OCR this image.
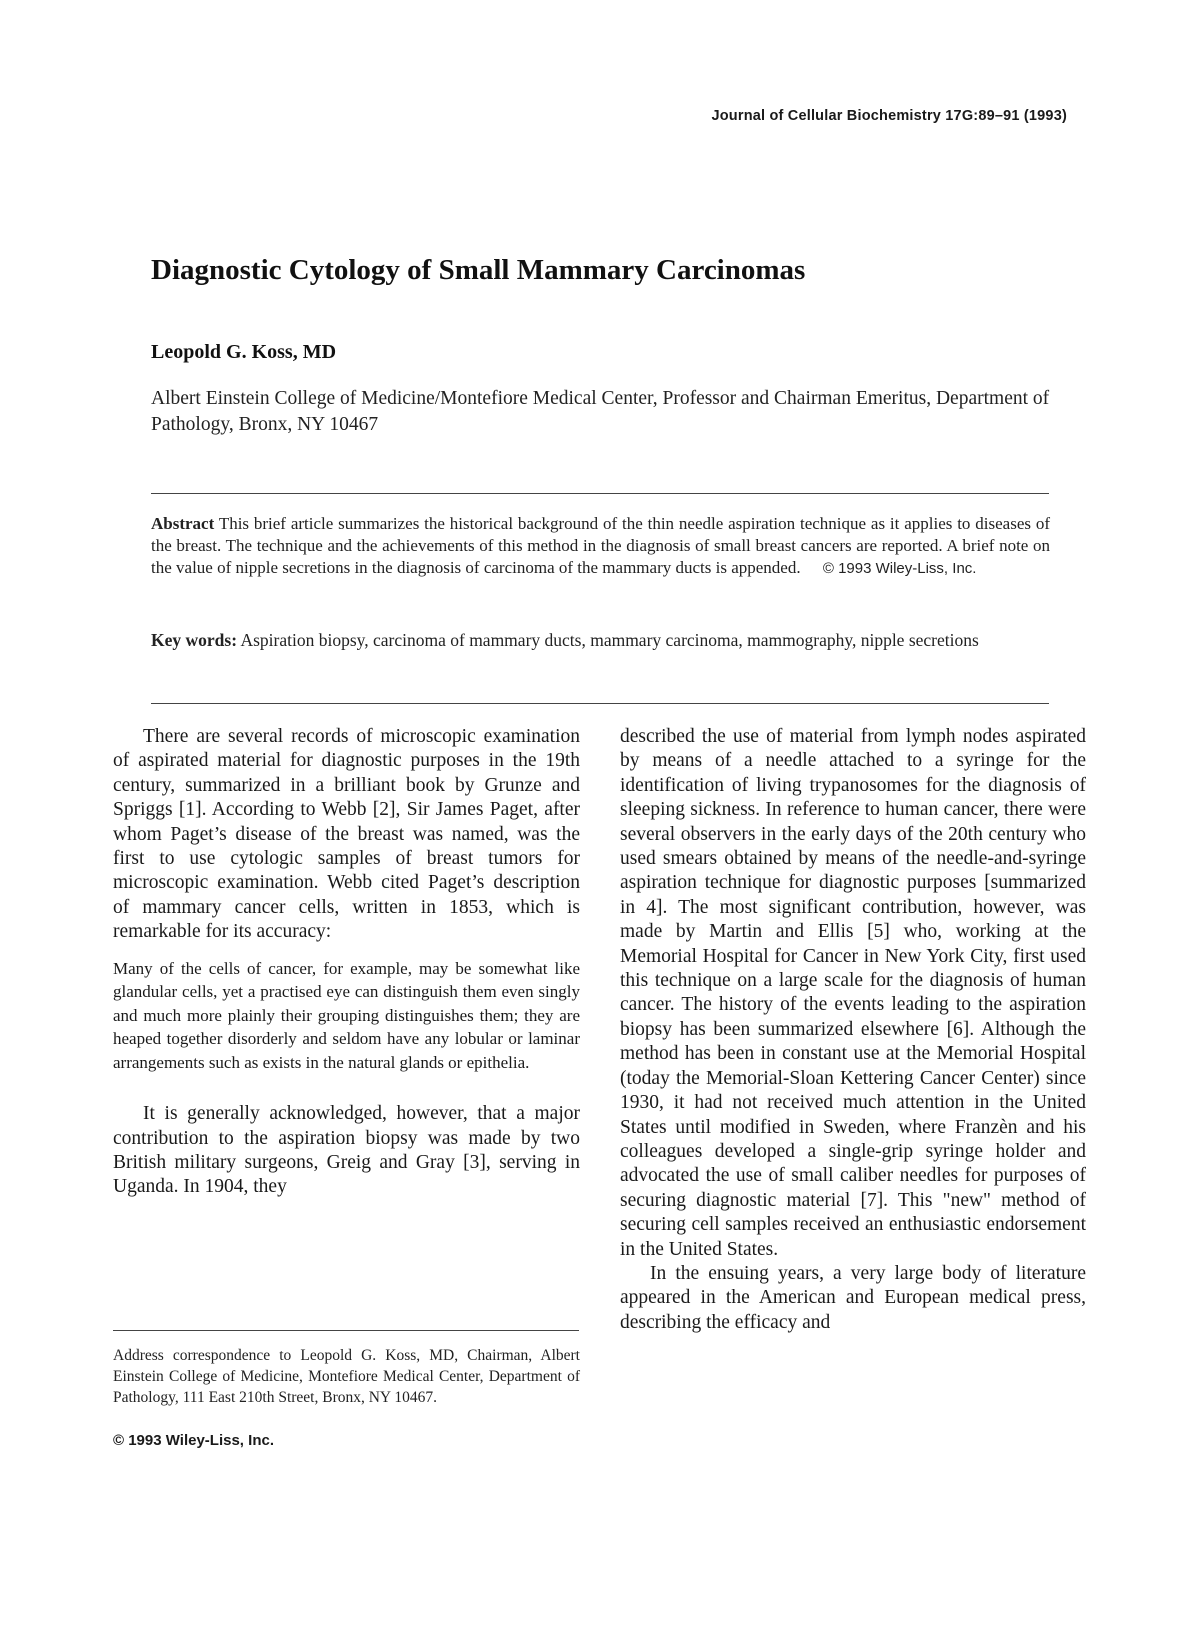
Journal of Cellular Biochemistry 17G:89–91 (1993)
Diagnostic Cytology of Small Mammary Carcinomas
Leopold G. Koss, MD
Albert Einstein College of Medicine/Montefiore Medical Center, Professor and Chairman Emeritus, Department of Pathology, Bronx, NY 10467
Abstract This brief article summarizes the historical background of the thin needle aspiration technique as it applies to diseases of the breast. The technique and the achievements of this method in the diagnosis of small breast cancers are reported. A brief note on the value of nipple secretions in the diagnosis of carcinoma of the mammary ducts is appended. © 1993 Wiley-Liss, Inc.
Key words: Aspiration biopsy, carcinoma of mammary ducts, mammary carcinoma, mammography, nipple secretions

There are several records of microscopic examination of aspirated material for diagnostic purposes in the 19th century, summarized in a brilliant book by Grunze and Spriggs [1]. According to Webb [2], Sir James Paget, after whom Paget’s disease of the breast was named, was the first to use cytologic samples of breast tumors for microscopic examination. Webb cited Paget’s description of mammary cancer cells, written in 1853, which is remarkable for its accuracy:

Many of the cells of cancer, for example, may be somewhat like glandular cells, yet a practised eye can distinguish them even singly and much more plainly their grouping distinguishes them; they are heaped together disorderly and seldom have any lobular or laminar arrangements such as exists in the natural glands or epithelia.

It is generally acknowledged, however, that a major contribution to the aspiration biopsy was made by two British military surgeons, Greig and Gray [3], serving in Uganda. In 1904, they

described the use of material from lymph nodes aspirated by means of a needle attached to a syringe for the identification of living trypanosomes for the diagnosis of sleeping sickness. In reference to human cancer, there were several observers in the early days of the 20th century who used smears obtained by means of the needle-and-syringe aspiration technique for diagnostic purposes [summarized in 4]. The most significant contribution, however, was made by Martin and Ellis [5] who, working at the Memorial Hospital for Cancer in New York City, first used this technique on a large scale for the diagnosis of human cancer. The history of the events leading to the aspiration biopsy has been summarized elsewhere [6]. Although the method has been in constant use at the Memorial Hospital (today the Memorial-Sloan Kettering Cancer Center) since 1930, it had not received much attention in the United States until modified in Sweden, where Franzèn and his colleagues developed a single-grip syringe holder and advocated the use of small caliber needles for purposes of securing diagnostic material [7]. This "new" method of securing cell samples received an enthusiastic endorsement in the United States.

In the ensuing years, a very large body of literature appeared in the American and European medical press, describing the efficacy and

Address correspondence to Leopold G. Koss, MD, Chairman, Albert Einstein College of Medicine, Montefiore Medical Center, Department of Pathology, 111 East 210th Street, Bronx, NY 10467.
© 1993 Wiley-Liss, Inc.
